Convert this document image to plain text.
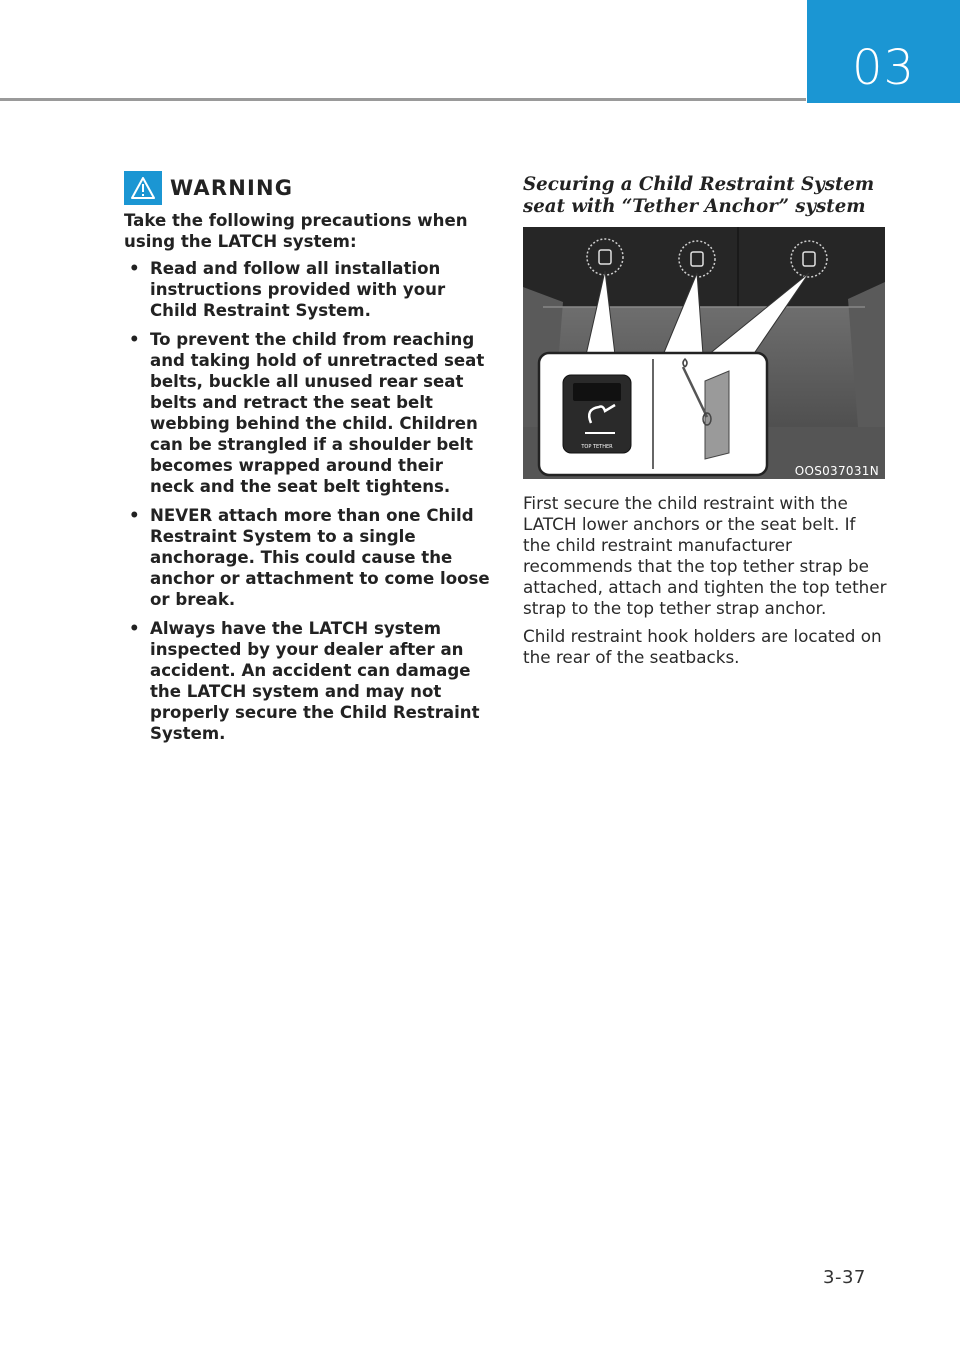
03
WARNING

Take the following precautions when using the LATCH system:

• Read and follow all installation instructions provided with your Child Restraint System.
• To prevent the child from reaching and taking hold of unretracted seat belts, buckle all unused rear seat belts and retract the seat belt webbing behind the child. Children can be strangled if a shoulder belt becomes wrapped around their neck and the seat belt tightens.
• NEVER attach more than one Child Restraint System to a single anchorage. This could cause the anchor or attachment to come loose or break.
• Always have the LATCH system inspected by your dealer after an accident. An accident can damage the LATCH system and may not properly secure the Child Restraint System.
Securing a Child Restraint System seat with “Tether Anchor” system
TOP TETHER
OOS037031N

First secure the child restraint with the LATCH lower anchors or the seat belt. If the child restraint manufacturer recommends that the top tether strap be attached, attach and tighten the top tether strap to the top tether strap anchor.

Child restraint hook holders are located on the rear of the seatbacks.

3-37
